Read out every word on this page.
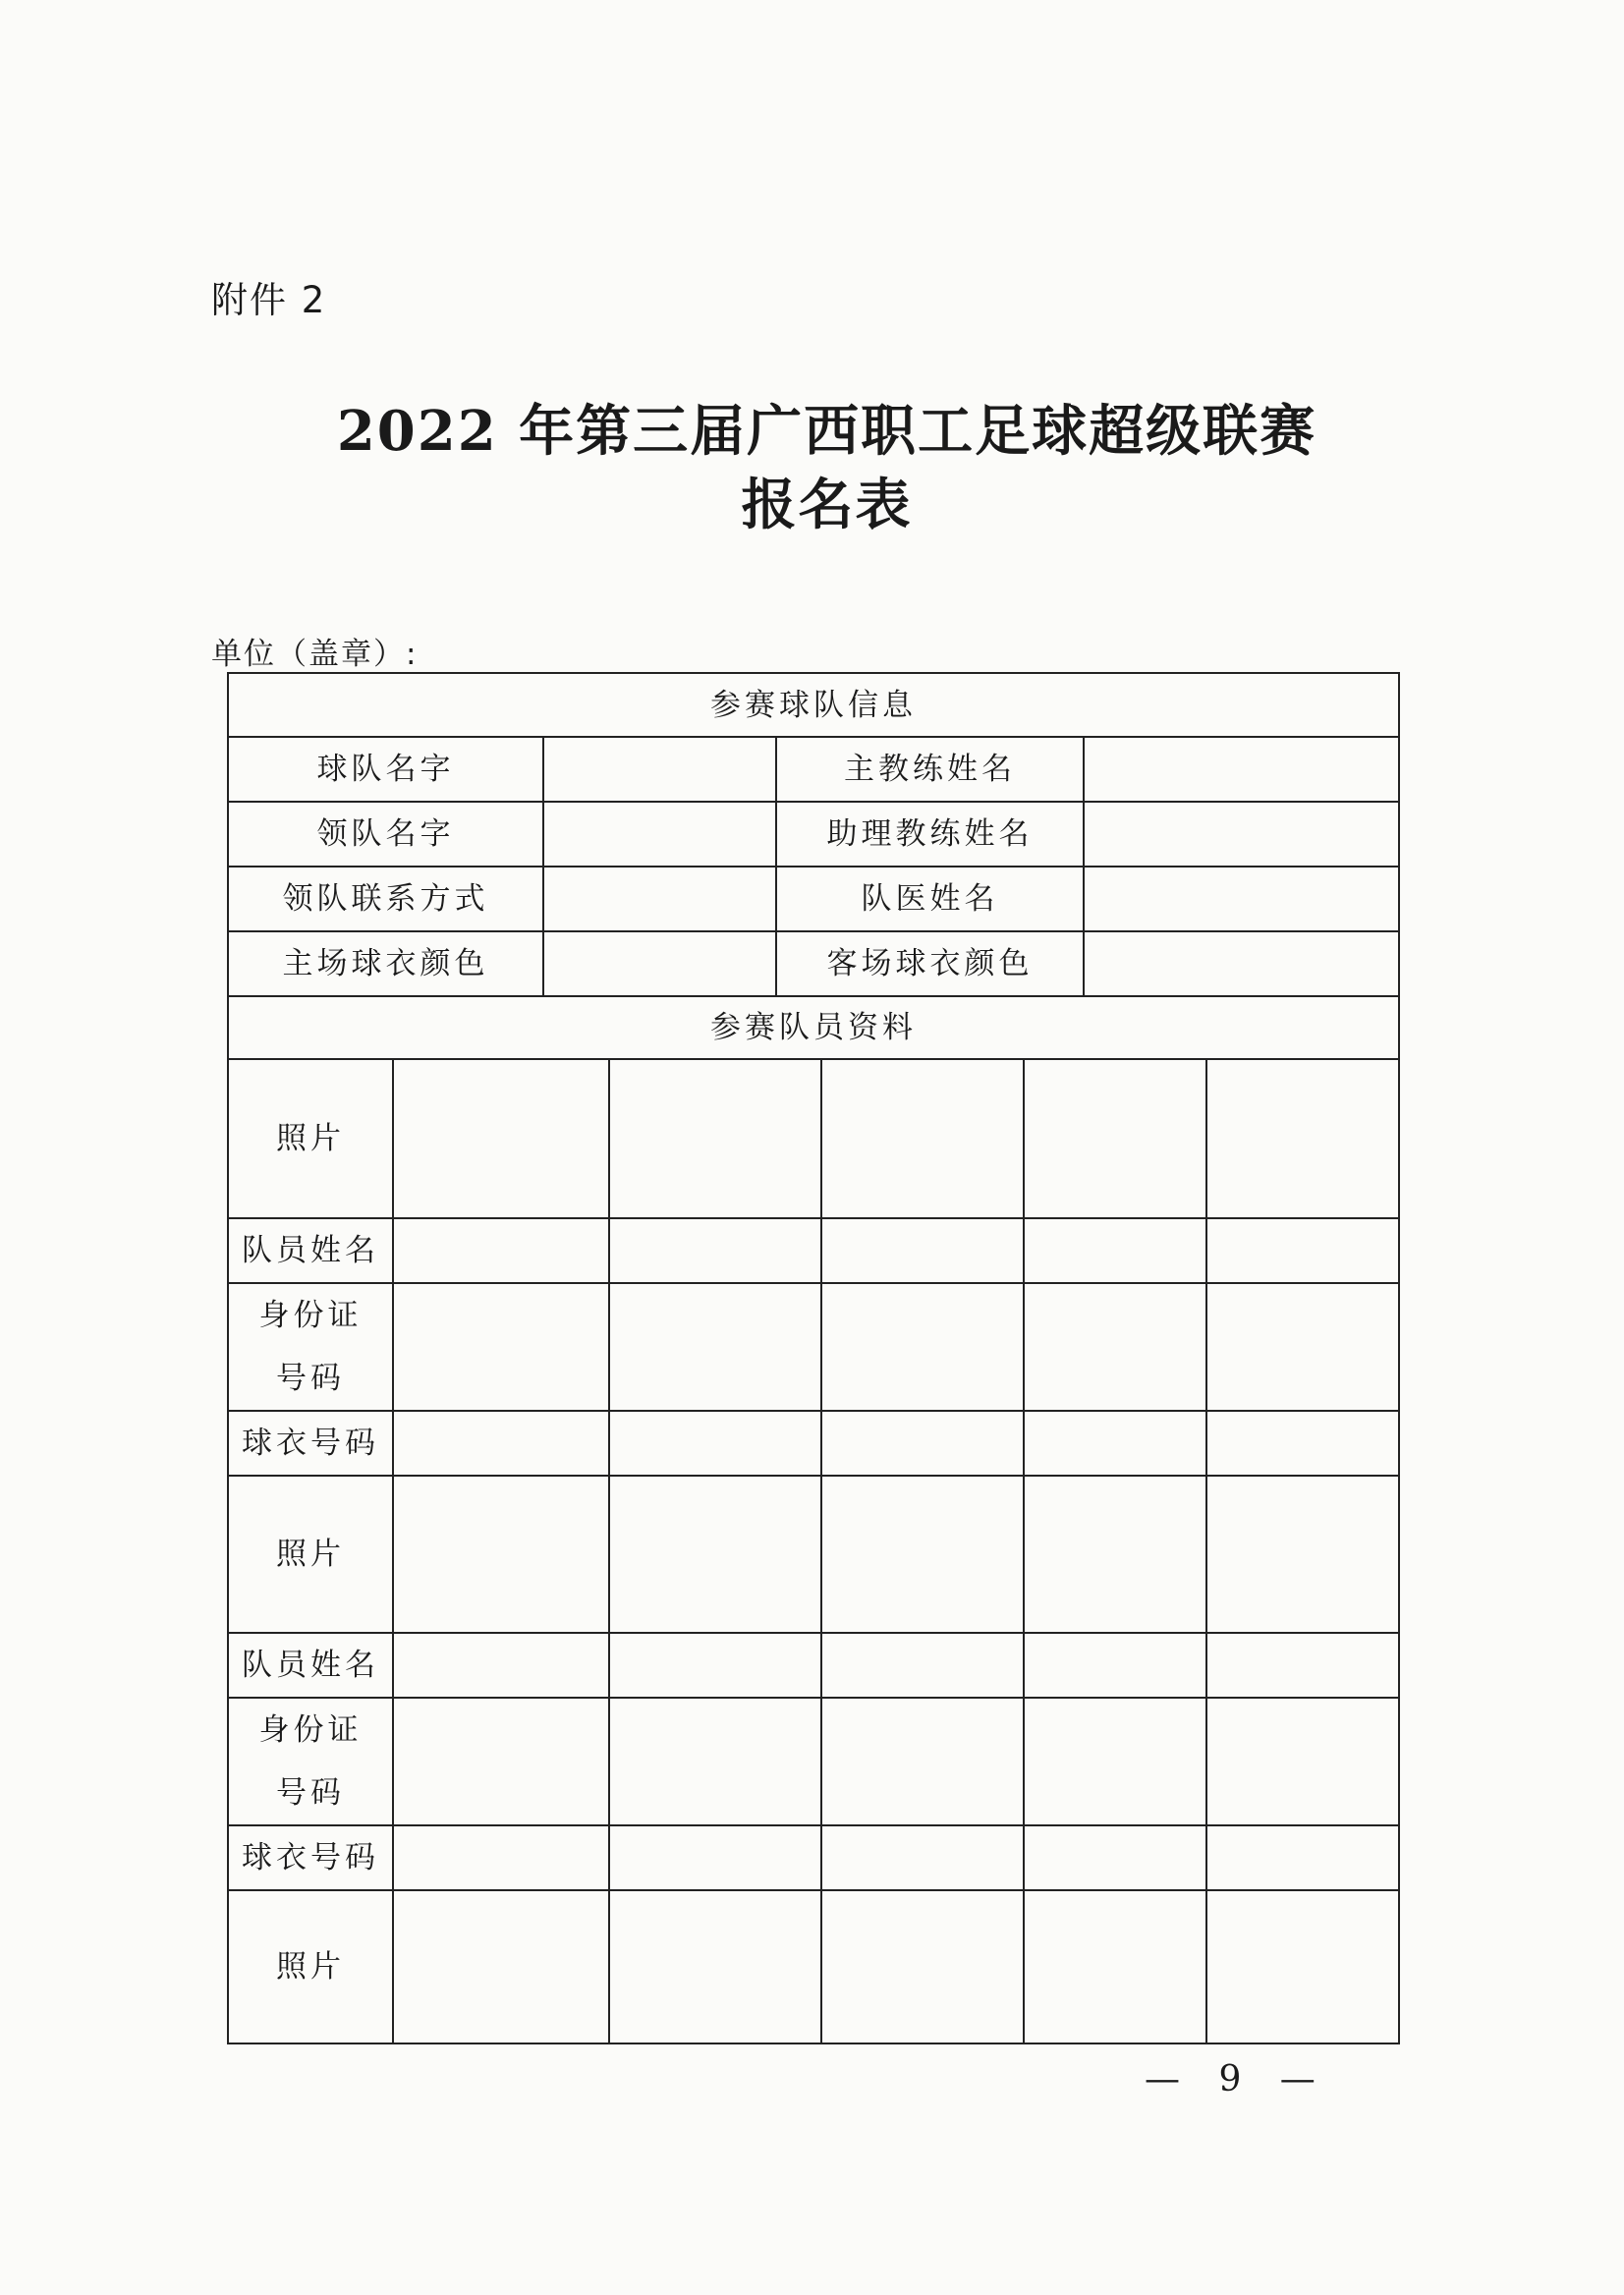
附件 2
2022 年第三届广西职工足球超级联赛
报名表
单位（盖章）:
参赛球队信息
球队名字	主教练姓名
领队名字	助理教练姓名
领队联系方式	队医姓名
主场球衣颜色	客场球衣颜色
参赛队员资料
照片
队员姓名
身份证
号码
球衣号码
照片
队员姓名
身份证
号码
球衣号码
照片
— 9 —
